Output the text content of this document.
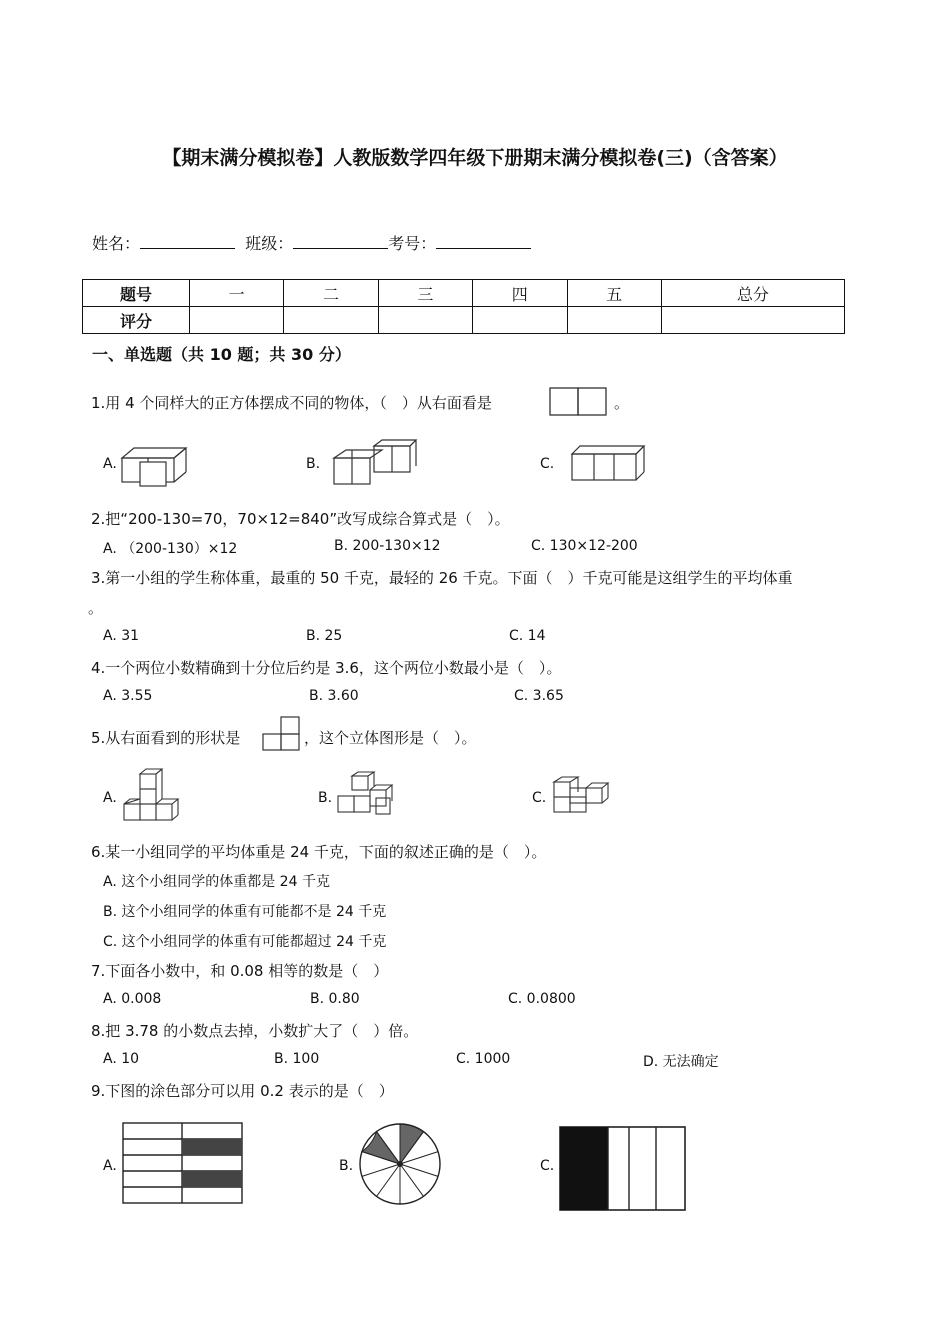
【期末满分模拟卷】人教版数学四年级下册期末满分模拟卷(三)（含答案）
姓名：	班级：	考号：
题号	一	二	三	四	五	总分
评分						
一、单选题（共 10 题；共 30 分）
1.用 4 个同样大的正方体摆成不同的物体，（　）从右面看是	。
A.	B.	C.
2.把“200-130=70，70×12=840”改写成综合算式是（　）。
A. （200-130）×12	B. 200-130×12	C. 130×12-200
3.第一小组的学生称体重，最重的 50 千克，最轻的 26 千克。下面（　）千克可能是这组学生的平均体重
。
A. 31	B. 25	C. 14
4.一个两位小数精确到十分位后约是 3.6，这个两位小数最小是（　）。
A. 3.55	B. 3.60	C. 3.65
5.从右面看到的形状是	，这个立体图形是（　）。
A.	B.	C.
6.某一小组同学的平均体重是 24 千克，下面的叙述正确的是（　）。
A. 这个小组同学的体重都是 24 千克
B. 这个小组同学的体重有可能都不是 24 千克
C. 这个小组同学的体重有可能都超过 24 千克
7.下面各小数中，和 0.08 相等的数是（　）
A. 0.008	B. 0.80	C. 0.0800
8.把 3.78 的小数点去掉，小数扩大了（　）倍。
A. 10	B. 100	C. 1000	D. 无法确定
9.下图的涂色部分可以用 0.2 表示的是（　）
A.	B.	C.
